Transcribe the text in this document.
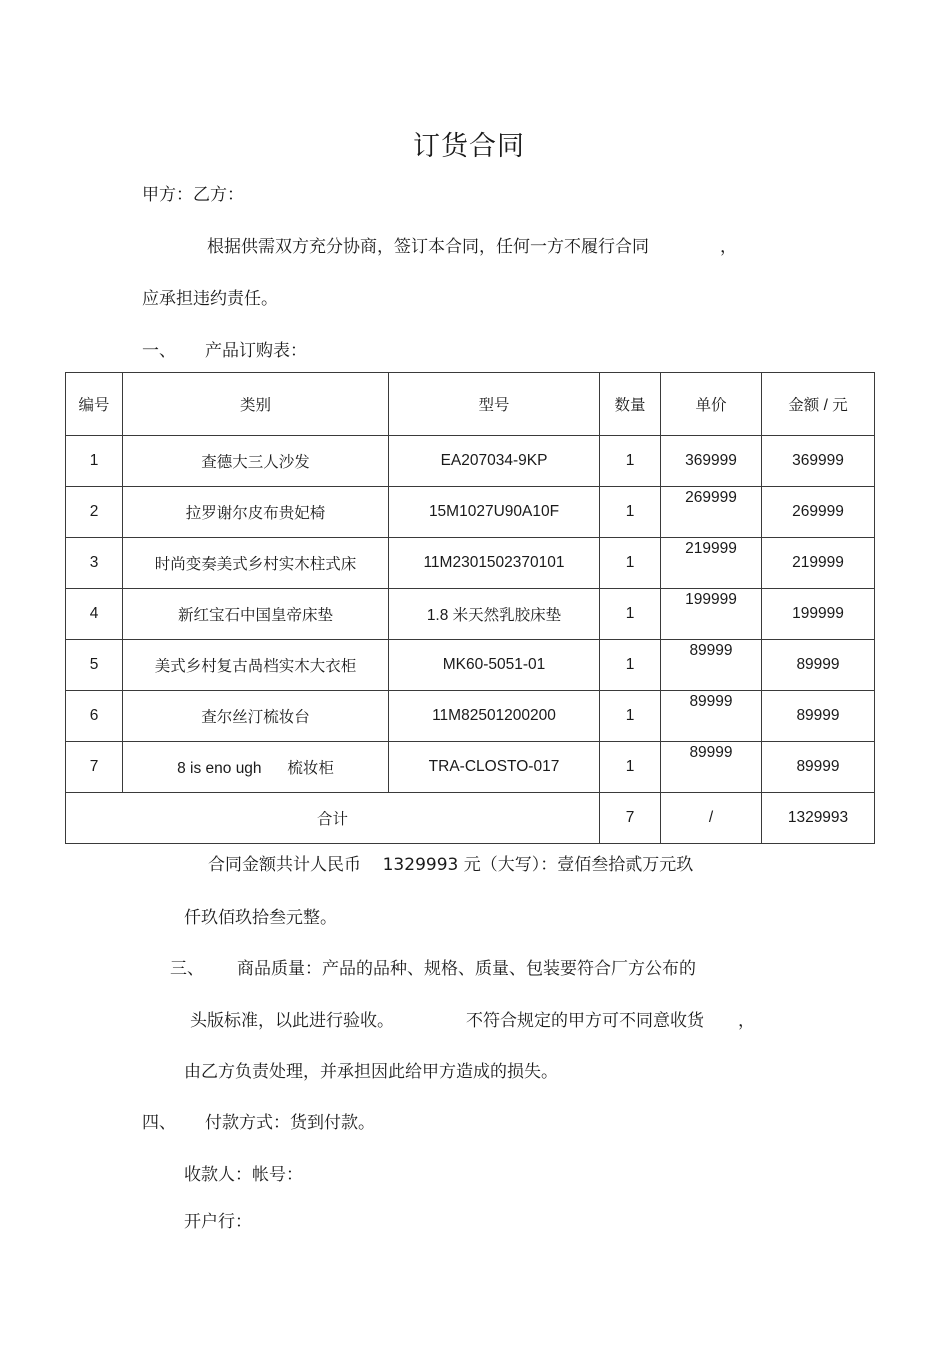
订货合同
甲方：乙方：
根据供需双方充分协商，签订本合同，任何一方不履行合同	，
应承担违约责任。
一、 产品订购表：
编号	类别	型号	数量	单价	金额 / 元
1	查德大三人沙发	EA207034-9KP	1	369999	369999
2	拉罗谢尔皮布贵妃椅	15M1027U90A10F	1	269999	269999
3	时尚变奏美式乡村实木柱式床	11M2301502370101	1	219999	219999
4	新红宝石中国皇帝床垫	1.8 米天然乳胶床垫	1	199999	199999
5	美式乡村复古咼档实木大衣柜	MK60-5051-01	1	89999	89999
6	查尔丝汀梳妆台	11M82501200200	1	89999	89999
7	8 is eno ugh      梳妆柜	TRA-CLOSTO-017	1	89999	89999
合计			7	/	1329993
合同金额共计人民币    1329993 元（大写）：壹佰叁拾贰万元玖
仟玖佰玖拾叁元整。
三、 商品质量：产品的品种、规格、质量、包装要符合厂方公布的
头版标准，以此进行验收。	不符合规定的甲方可不同意收货 ，
由乙方负责处理，并承担因此给甲方造成的损失。
四、 付款方式：货到付款。
收款人：帐号：
开户行：
